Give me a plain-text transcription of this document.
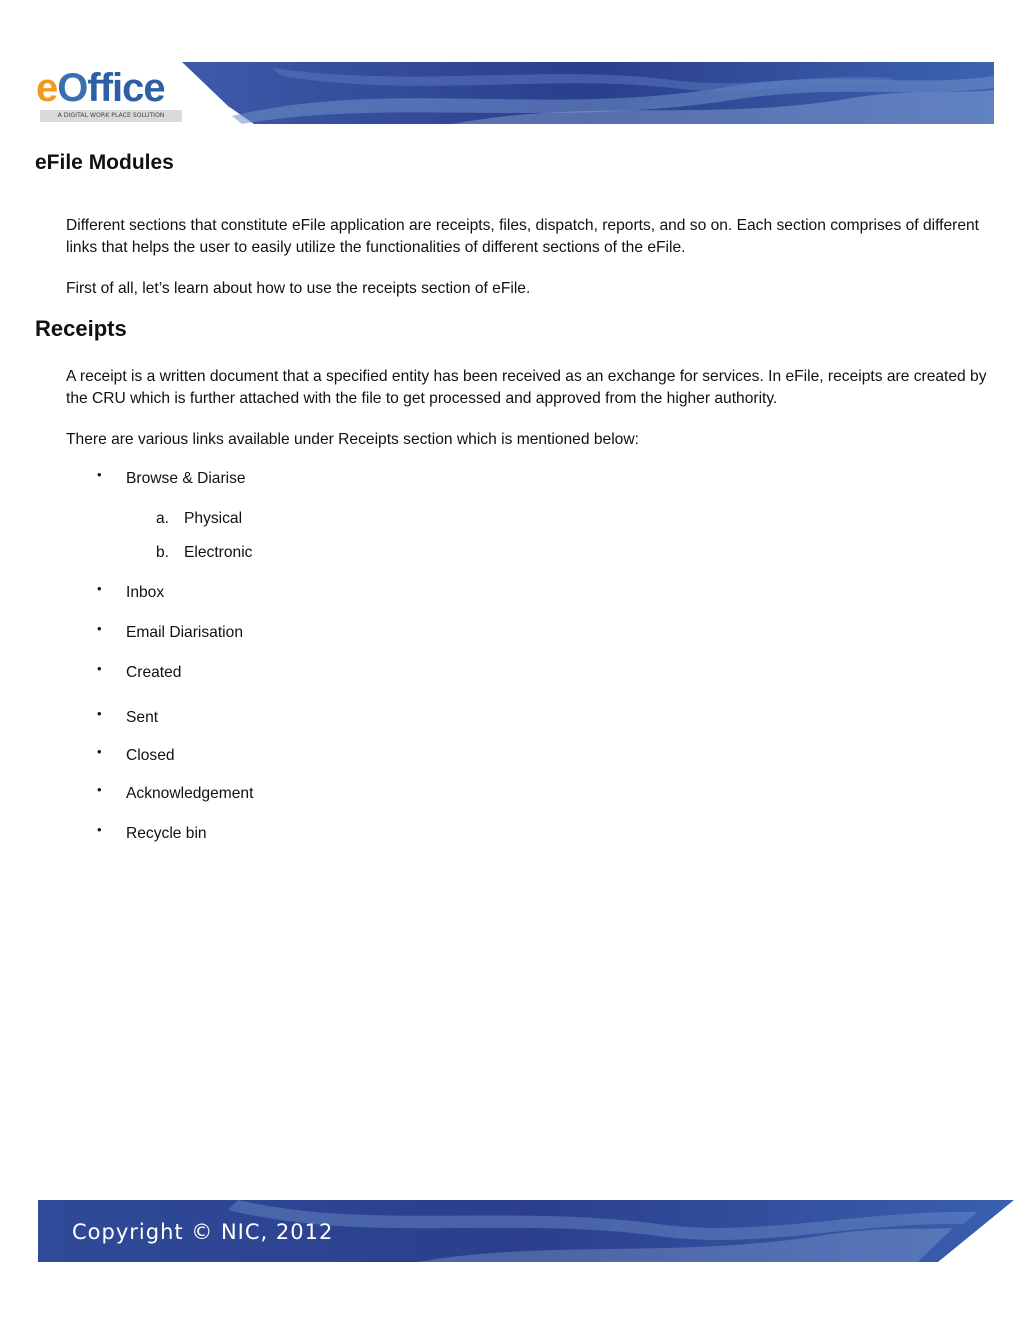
eOffice
A DIGITAL WORK PLACE SOLUTION
eFile Modules

Different sections that constitute eFile application are receipts, files, dispatch, reports, and so on. Each section comprises of different links that helps the user to easily utilize the functionalities of different sections of the eFile.

First of all, let’s learn about how to use the receipts section of eFile.

Receipts

A receipt is a written document that a specified entity has been received as an exchange for services. In eFile, receipts are created by the CRU which is further attached with the file to get processed and approved from the higher authority.

There are various links available under Receipts section which is mentioned below:

• Browse & Diarise
a. Physical
b. Electronic
• Inbox
• Email Diarisation
• Created
• Sent
• Closed
• Acknowledgement
• Recycle bin
Copyright © NIC, 2012
